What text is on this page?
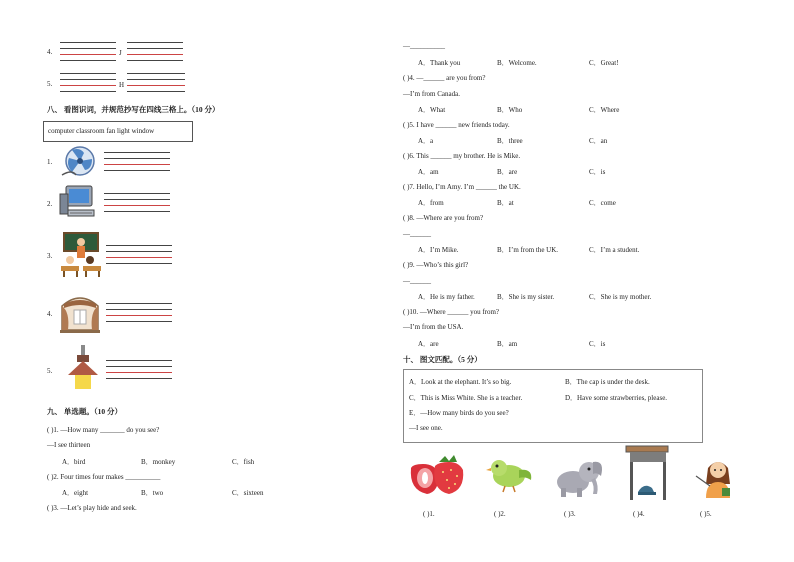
4.	J
5.	H
八、 看图识词，并规范抄写在四线三格上。（10 分）
computer classroom fan light window
1.
2.
3.
4.
5.
九、 单选题。（10 分）
( )1. —How many _______ do you see?
—I see thirteen
A．bird	B．monkey	C．fish
( )2. Four times four makes __________
A．eight	B．two	C．sixteen
( )3. —Let’s play hide and seek.
—__________
A．Thank you	B．Welcome.	C．Great!
( )4. —______ are you from?
—I’m from Canada.
A．What	B．Who	C．Where
( )5. I have ______ new friends today.
A．a	B．three	C．an
( )6. This ______ my brother. He is Mike.
A．am	B．are	C．is
( )7. Hello, I’m Amy. I’m ______ the UK.
A．from	B．at	C．come
( )8. —Where are you from?
—______
A．I’m Mike.	B．I’m from the UK.	C．I’m a student.
( )9. —Who’s this girl?
—______
A．He is my father.	B．She is my sister.	C．She is my mother.
( )10. —Where ______ you from?
—I’m from the USA.
A．are	B．am	C．is
十、 图文匹配。（5 分）
A．Look at the elephant. It’s so big.	B．The cap is under the desk.
C．This is Miss White. She is a teacher.	D．Have some strawberries, please.
E．—How many birds do you see?
—I see one.
( )1.	( )2.	( )3.	( )4.	( )5.
